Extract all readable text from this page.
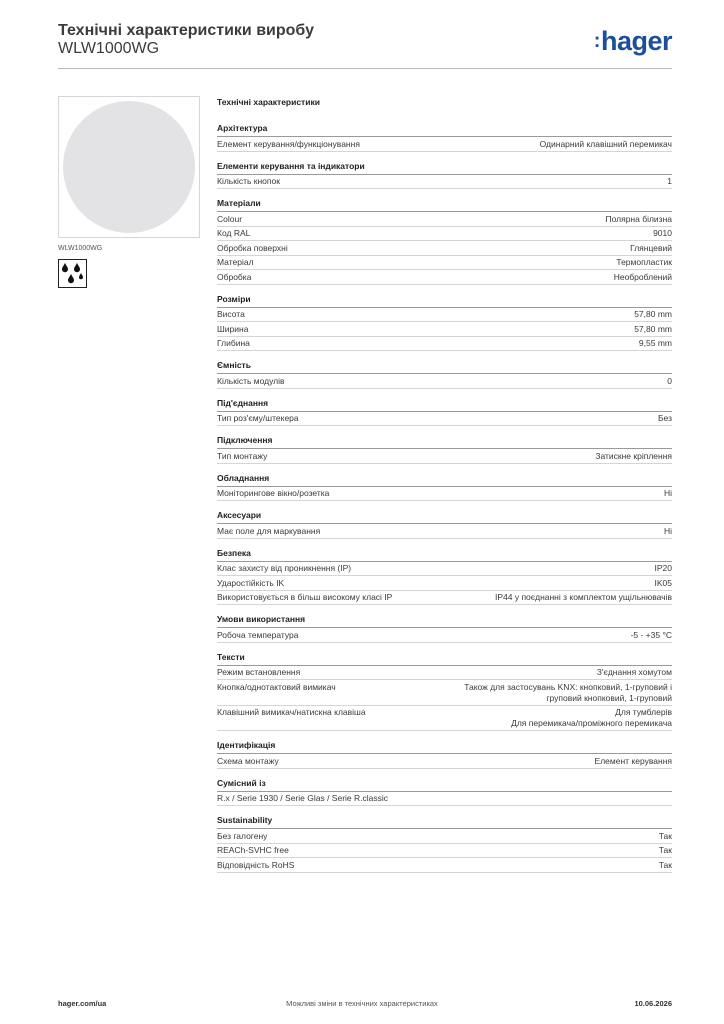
Технічні характеристики виробу
WLW1000WG	:hager
WLW1000WG
Технічні характеристики
Архітектура
Елемент керування/функціонування	Одинарний клавішний перемикач
Елементи керування та індикатори
Кількість кнопок	1
Матеріали
Colour	Полярна білизна
Код RAL	9010
Обробка поверхні	Глянцевий
Матеріал	Термопластик
Обробка	Необроблений
Розміри
Висота	57,80 mm
Ширина	57,80 mm
Глибина	9,55 mm
Ємність
Кількість модулів	0
Під'єднання
Тип роз'єму/штекера	Без
Підключення
Тип монтажу	Затискне кріплення
Обладнання
Моніторингове вікно/розетка	Ні
Аксесуари
Має поле для маркування	Ні
Безпека
Клас захисту від проникнення (IP)	IP20
Ударостійкість IK	IK05
Використовується в більш високому класі IP	IP44 у поєднанні з комплектом ущільнювачів
Умови використання
Робоча температура	-5 - +35 °C
Тексти
Режим встановлення	З'єднання хомутом
Кнопка/однотактовий вимикач	Також для застосувань KNX: кнопковий, 1-груповий і
груповий кнопковий, 1-груповий
Клавішний вимикач/натискна клавіша	Для тумблерів
Для перемикача/проміжного перемикача
Ідентифікація
Схема монтажу	Елемент керування
Сумісний із
R.x / Serie 1930 / Serie Glas / Serie R.classic
Sustainability
Без галогену	Так
REACh-SVHC free	Так
Відповідність RoHS	Так
hager.com/ua	Можливі зміни в технічних характеристиках	10.06.2026
